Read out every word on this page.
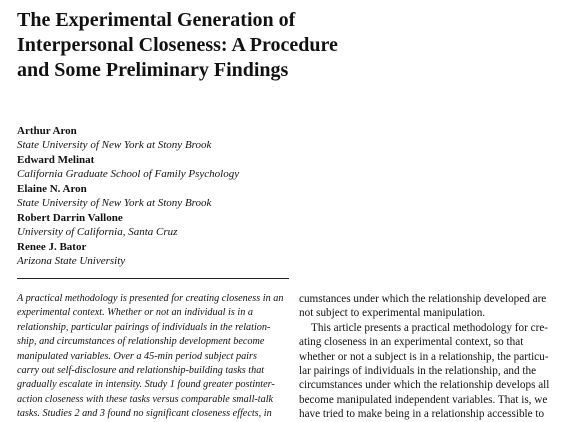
The Experimental Generation of
Interpersonal Closeness: A Procedure
and Some Preliminary Findings
Arthur Aron
State University of New York at Stony Brook
Edward Melinat
California Graduate School of Family Psychology
Elaine N. Aron
State University of New York at Stony Brook
Robert Darrin Vallone
University of California, Santa Cruz
Renee J. Bator
Arizona State University
A practical methodology is presented for creating closeness in an
experimental context. Whether or not an individual is in a
relationship, particular pairings of individuals in the relation-
ship, and circumstances of relationship development become
manipulated variables. Over a 45-min period subject pairs
carry out self-disclosure and relationship-building tasks that
gradually escalate in intensity. Study 1 found greater postinter-
action closeness with these tasks versus comparable small-talk
tasks. Studies 2 and 3 found no significant closeness effects, in
cumstances under which the relationship developed are
not subject to experimental manipulation.
This article presents a practical methodology for cre-
ating closeness in an experimental context, so that
whether or not a subject is in a relationship, the particu-
lar pairings of individuals in the relationship, and the
circumstances under which the relationship develops all
become manipulated independent variables. That is, we
have tried to make being in a relationship accessible to
